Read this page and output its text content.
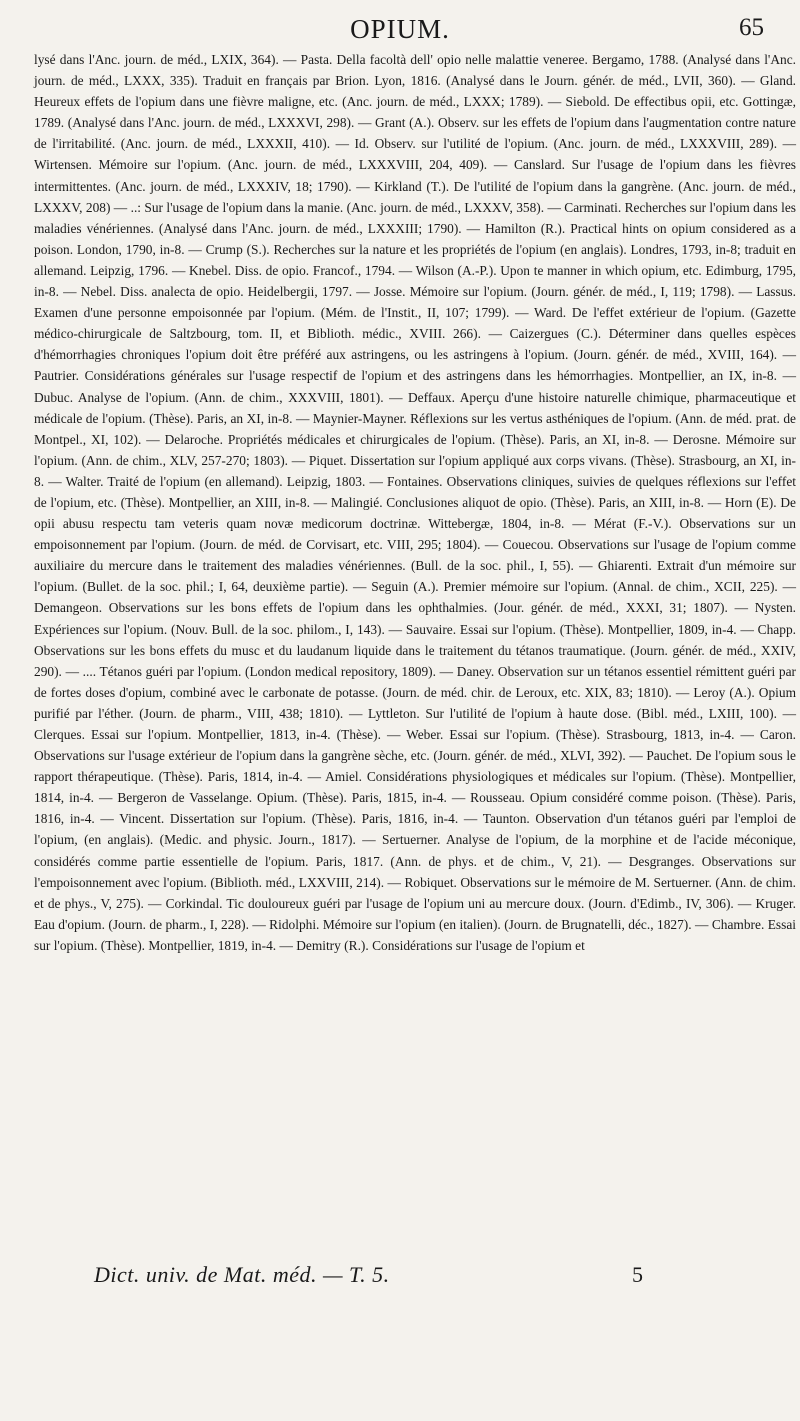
OPIUM.	65

lysé dans l'Anc. journ. de méd., LXIX, 364). — Pasta. Della facoltà dell' opio nelle malattie veneree. Bergamo, 1788. (Analysé dans l'Anc. journ. de méd., LXXX, 335). Traduit en français par Brion. Lyon, 1816. (Analysé dans le Journ. génér. de méd., LVII, 360). — Gland. Heureux effets de l'opium dans une fièvre maligne, etc. (Anc. journ. de méd., LXXX; 1789). — Siebold. De effectibus opii, etc. Gottingæ, 1789. (Analysé dans l'Anc. journ. de méd., LXXXVI, 298). — Grant (A.). Observ. sur les effets de l'opium dans l'augmentation contre nature de l'irritabilité. (Anc. journ. de méd., LXXXII, 410). — Id. Observ. sur l'utilité de l'opium. (Anc. journ. de méd., LXXXVIII, 289). — Wirtensen. Mémoire sur l'opium. (Anc. journ. de méd., LXXXVIII, 204, 409). — Canslard. Sur l'usage de l'opium dans les fièvres intermittentes. (Anc. journ. de méd., LXXXIV, 18; 1790). — Kirkland (T.). De l'utilité de l'opium dans la gangrène. (Anc. journ. de méd., LXXXV, 208) — ..: Sur l'usage de l'opium dans la manie. (Anc. journ. de méd., LXXXV, 358). — Carminati. Recherches sur l'opium dans les maladies vénériennes. (Analysé dans l'Anc. journ. de méd., LXXXIII; 1790). — Hamilton (R.). Practical hints on opium considered as a poison. London, 1790, in-8. — Crump (S.). Recherches sur la nature et les propriétés de l'opium (en anglais). Londres, 1793, in-8; traduit en allemand. Leipzig, 1796. — Knebel. Diss. de opio. Francof., 1794. — Wilson (A.-P.). Upon te manner in which opium, etc. Edimburg, 1795, in-8. — Nebel. Diss. analecta de opio. Heidelbergii, 1797. — Josse. Mémoire sur l'opium. (Journ. génér. de méd., I, 119; 1798). — Lassus. Examen d'une personne empoisonnée par l'opium. (Mém. de l'Instit., II, 107; 1799). — Ward. De l'effet extérieur de l'opium. (Gazette médico-chirurgicale de Saltzbourg, tom. II, et Biblioth. médic., XVIII. 266). — Caizergues (C.). Déterminer dans quelles espèces d'hémorrhagies chroniques l'opium doit être préféré aux astringens, ou les astringens à l'opium. (Journ. génér. de méd., XVIII, 164). — Pautrier. Considérations générales sur l'usage respectif de l'opium et des astringens dans les hémorrhagies. Montpellier, an IX, in-8. — Dubuc. Analyse de l'opium. (Ann. de chim., XXXVIII, 1801). — Deffaux. Aperçu d'une histoire naturelle chimique, pharmaceutique et médicale de l'opium. (Thèse). Paris, an XI, in-8. — Maynier-Mayner. Réflexions sur les vertus asthéniques de l'opium. (Ann. de méd. prat. de Montpel., XI, 102). — Delaroche. Propriétés médicales et chirurgicales de l'opium. (Thèse). Paris, an XI, in-8. — Derosne. Mémoire sur l'opium. (Ann. de chim., XLV, 257-270; 1803). — Piquet. Dissertation sur l'opium appliqué aux corps vivans. (Thèse). Strasbourg, an XI, in-8. — Walter. Traité de l'opium (en allemand). Leipzig, 1803. — Fontaines. Observations cliniques, suivies de quelques réflexions sur l'effet de l'opium, etc. (Thèse). Montpellier, an XIII, in-8. — Malingié. Conclusiones aliquot de opio. (Thèse). Paris, an XIII, in-8. — Horn (E). De opii abusu respectu tam veteris quam novæ medicorum doctrinæ. Wittebergæ, 1804, in-8. — Mérat (F.-V.). Observations sur un empoisonnement par l'opium. (Journ. de méd. de Corvisart, etc. VIII, 295; 1804). — Couecou. Observations sur l'usage de l'opium comme auxiliaire du mercure dans le traitement des maladies vénériennes. (Bull. de la soc. phil., I, 55). — Ghiarenti. Extrait d'un mémoire sur l'opium. (Bullet. de la soc. phil.; I, 64, deuxième partie). — Seguin (A.). Premier mémoire sur l'opium. (Annal. de chim., XCII, 225). — Demangeon. Observations sur les bons effets de l'opium dans les ophthalmies. (Jour. génér. de méd., XXXI, 31; 1807). — Nysten. Expériences sur l'opium. (Nouv. Bull. de la soc. philom., I, 143). — Sauvaire. Essai sur l'opium. (Thèse). Montpellier, 1809, in-4. — Chapp. Observations sur les bons effets du musc et du laudanum liquide dans le traitement du tétanos traumatique. (Journ. génér. de méd., XXIV, 290). — .... Tétanos guéri par l'opium. (London medical repository, 1809). — Daney. Observation sur un tétanos essentiel rémittent guéri par de fortes doses d'opium, combiné avec le carbonate de potasse. (Journ. de méd. chir. de Leroux, etc. XIX, 83; 1810). — Leroy (A.). Opium purifié par l'éther. (Journ. de pharm., VIII, 438; 1810). — Lyttleton. Sur l'utilité de l'opium à haute dose. (Bibl. méd., LXIII, 100). — Clerques. Essai sur l'opium. Montpellier, 1813, in-4. (Thèse). — Weber. Essai sur l'opium. (Thèse). Strasbourg, 1813, in-4. — Caron. Observations sur l'usage extérieur de l'opium dans la gangrène sèche, etc. (Journ. génér. de méd., XLVI, 392). — Pauchet. De l'opium sous le rapport thérapeutique. (Thèse). Paris, 1814, in-4. — Amiel. Considérations physiologiques et médicales sur l'opium. (Thèse). Montpellier, 1814, in-4. — Bergeron de Vasselange. Opium. (Thèse). Paris, 1815, in-4. — Rousseau. Opium considéré comme poison. (Thèse). Paris, 1816, in-4. — Vincent. Dissertation sur l'opium. (Thèse). Paris, 1816, in-4. — Taunton. Observation d'un tétanos guéri par l'emploi de l'opium, (en anglais). (Medic. and physic. Journ., 1817). — Sertuerner. Analyse de l'opium, de la morphine et de l'acide méconique, considérés comme partie essentielle de l'opium. Paris, 1817. (Ann. de phys. et de chim., V, 21). — Desgranges. Observations sur l'empoisonnement avec l'opium. (Biblioth. méd., LXXVIII, 214). — Robiquet. Observations sur le mémoire de M. Sertuerner. (Ann. de chim. et de phys., V, 275). — Corkindal. Tic douloureux guéri par l'usage de l'opium uni au mercure doux. (Journ. d'Edimb., IV, 306). — Kruger. Eau d'opium. (Journ. de pharm., I, 228). — Ridolphi. Mémoire sur l'opium (en italien). (Journ. de Brugnatelli, déc., 1827). — Chambre. Essai sur l'opium. (Thèse). Montpellier, 1819, in-4. — Demitry (R.). Considérations sur l'usage de l'opium et

Dict. univ. de Mat. méd. — T. 5.	5
